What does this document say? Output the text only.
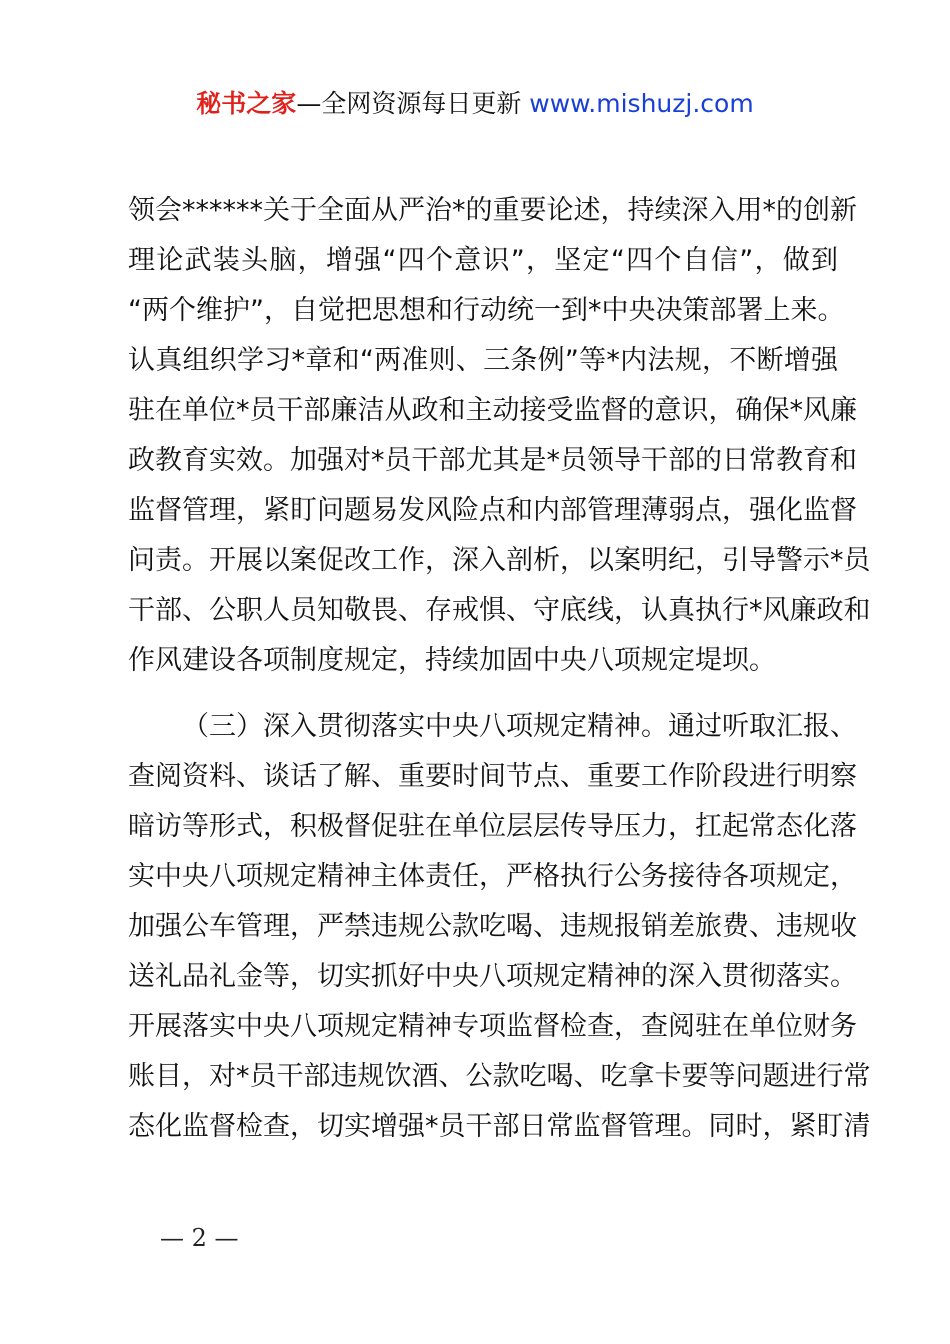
秘书之家—全网资源每日更新 www.mishuzj.com
领会******关于全面从严治*的重要论述，持续深入用*的创新
理论武装头脑，增强“四个意识”，坚定“四个自信”，做到
“两个维护”，自觉把思想和行动统一到*中央决策部署上来。
认真组织学习*章和“两准则、三条例”等*内法规，不断增强
驻在单位*员干部廉洁从政和主动接受监督的意识，确保*风廉
政教育实效。加强对*员干部尤其是*员领导干部的日常教育和
监督管理，紧盯问题易发风险点和内部管理薄弱点，强化监督
问责。开展以案促改工作，深入剖析，以案明纪，引导警示*员
干部、公职人员知敬畏、存戒惧、守底线，认真执行*风廉政和
作风建设各项制度规定，持续加固中央八项规定堤坝。
（三）深入贯彻落实中央八项规定精神。通过听取汇报、
查阅资料、谈话了解、重要时间节点、重要工作阶段进行明察
暗访等形式，积极督促驻在单位层层传导压力，扛起常态化落
实中央八项规定精神主体责任，严格执行公务接待各项规定，
加强公车管理，严禁违规公款吃喝、违规报销差旅费、违规收
送礼品礼金等，切实抓好中央八项规定精神的深入贯彻落实。
开展落实中央八项规定精神专项监督检查，查阅驻在单位财务
账目，对*员干部违规饮酒、公款吃喝、吃拿卡要等问题进行常
态化监督检查，切实增强*员干部日常监督管理。同时，紧盯清
— 2 —
